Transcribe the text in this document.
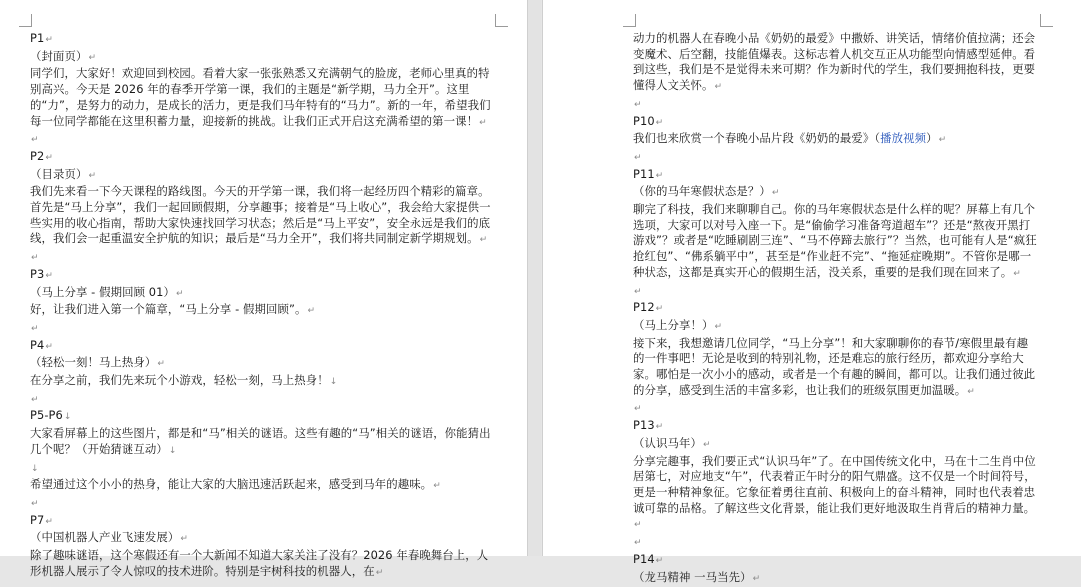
P1↵
（封面页）↵
同学们，大家好！欢迎回到校园。看着大家一张张熟悉又充满朝气的脸庞，老师心里真的特别高兴。今天是 2026 年的春季开学第一课，我们的主题是“新学期，马力全开”。这里的“力”，是努力的动力，是成长的活力，更是我们马年特有的“马力”。新的一年，希望我们每一位同学都能在这里积蓄力量，迎接新的挑战。让我们正式开启这充满希望的第一课！↵
↵
P2↵
（目录页）↵
我们先来看一下今天课程的路线图。今天的开学第一课，我们将一起经历四个精彩的篇章。首先是“马上分享”，我们一起回顾假期，分享趣事；接着是“马上收心”，我会给大家提供一些实用的收心指南，帮助大家快速找回学习状态；然后是“马上平安”，安全永远是我们的底线，我们会一起重温安全护航的知识；最后是“马力全开”，我们将共同制定新学期规划。↵
↵
P3↵
（马上分享 - 假期回顾 01）↵
好，让我们进入第一个篇章，“马上分享 - 假期回顾”。↵
↵
P4↵
（轻松一刻！马上热身）↵
在分享之前，我们先来玩个小游戏，轻松一刻，马上热身！↓
↵
P5-P6↓
大家看屏幕上的这些图片，都是和“马”相关的谜语。这些有趣的“马”相关的谜语，你能猜出几个呢？（开始猜谜互动）↓
↓
希望通过这个小小的热身，能让大家的大脑迅速活跃起来，感受到马年的趣味。↵
↵
P7↵
（中国机器人产业飞速发展）↵
除了趣味谜语，这个寒假还有一个大新闻不知道大家关注了没有？2026 年春晚舞台上，人形机器人展示了令人惊叹的技术进阶。特别是宇树科技的机器人，在↵
动力的机器人在春晚小品《奶奶的最爱》中撒娇、讲笑话，情绪价值拉满；还会变魔术、后空翻，技能值爆表。这标志着人机交互正从功能型向情感型延伸。看到这些，我们是不是觉得未来可期？作为新时代的学生，我们要拥抱科技，更要懂得人文关怀。↵
↵
P10↵
我们也来欣赏一个春晚小品片段《奶奶的最爱》（播放视频）↵
↵
P11↵
（你的马年寒假状态是？）↵
聊完了科技，我们来聊聊自己。你的马年寒假状态是什么样的呢？屏幕上有几个选项，大家可以对号入座一下。是“偷偷学习准备弯道超车”？还是“熬夜开黑打游戏”？或者是“吃睡刷剧三连”、“马不停蹄去旅行”？当然，也可能有人是“疯狂抢红包”、“佛系躺平中”，甚至是“作业赶不完”、“拖延症晚期”。不管你是哪一种状态，这都是真实开心的假期生活，没关系，重要的是我们现在回来了。↵
↵
P12↵
（马上分享！）↵
接下来，我想邀请几位同学，“马上分享”！和大家聊聊你的春节/寒假里最有趣的一件事吧！无论是收到的特别礼物，还是难忘的旅行经历，都欢迎分享给大家。哪怕是一次小小的感动，或者是一个有趣的瞬间，都可以。让我们通过彼此的分享，感受到生活的丰富多彩，也让我们的班级氛围更加温暖。↵
↵
P13↵
（认识马年）↵
分享完趣事，我们要正式“认识马年”了。在中国传统文化中，马在十二生肖中位居第七，对应地支“午”，代表着正午时分的阳气鼎盛。这不仅是一个时间符号，更是一种精神象征。它象征着勇往直前、积极向上的奋斗精神，同时也代表着忠诚可靠的品格。了解这些文化背景，能让我们更好地汲取生肖背后的精神力量。↵
↵
P14↵
（龙马精神 一马当先）↵
